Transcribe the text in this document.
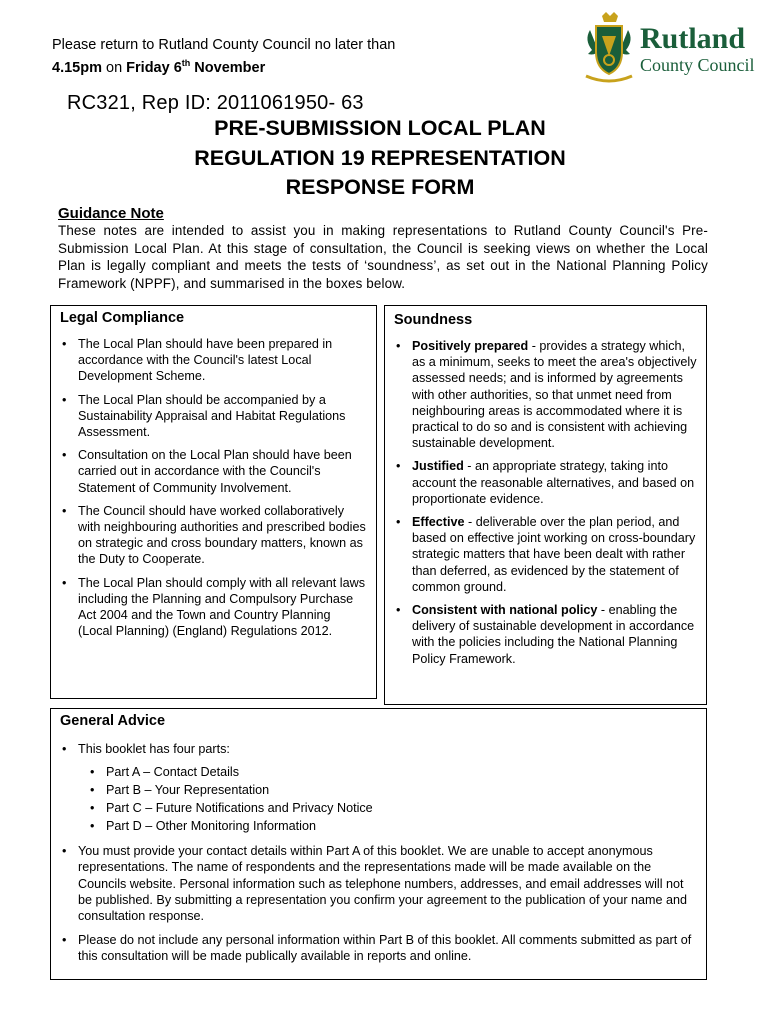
Please return to Rutland County Council no later than 4.15pm on Friday 6th November
Rutland
County Council
RC321, Rep ID: 2011061950- 63
PRE-SUBMISSION LOCAL PLAN
REGULATION 19 REPRESENTATION
RESPONSE FORM
Guidance Note
These notes are intended to assist you in making representations to Rutland County Council's Pre-Submission Local Plan. At this stage of consultation, the Council is seeking views on whether the Local Plan is legally compliant and meets the tests of ‘soundness’, as set out in the National Planning Policy Framework (NPPF), and summarised in the boxes below.
Legal Compliance
• The Local Plan should have been prepared in accordance with the Council's latest Local Development Scheme.
• The Local Plan should be accompanied by a Sustainability Appraisal and Habitat Regulations Assessment.
• Consultation on the Local Plan should have been carried out in accordance with the Council's Statement of Community Involvement.
• The Council should have worked collaboratively with neighbouring authorities and prescribed bodies on strategic and cross boundary matters, known as the Duty to Cooperate.
• The Local Plan should comply with all relevant laws including the Planning and Compulsory Purchase Act 2004 and the Town and Country Planning (Local Planning) (England) Regulations 2012.
Soundness
• Positively prepared - provides a strategy which, as a minimum, seeks to meet the area's objectively assessed needs; and is informed by agreements with other authorities, so that unmet need from neighbouring areas is accommodated where it is practical to do so and is consistent with achieving sustainable development.
• Justified - an appropriate strategy, taking into account the reasonable alternatives, and based on proportionate evidence.
• Effective - deliverable over the plan period, and based on effective joint working on cross-boundary strategic matters that have been dealt with rather than deferred, as evidenced by the statement of common ground.
• Consistent with national policy - enabling the delivery of sustainable development in accordance with the policies including the National Planning Policy Framework.
General Advice
• This booklet has four parts:
• Part A – Contact Details
• Part B – Your Representation
• Part C – Future Notifications and Privacy Notice
• Part D – Other Monitoring Information
• You must provide your contact details within Part A of this booklet. We are unable to accept anonymous representations. The name of respondents and the representations made will be made available on the Councils website. Personal information such as telephone numbers, addresses, and email addresses will not be published. By submitting a representation you confirm your agreement to the publication of your name and consultation response.
• Please do not include any personal information within Part B of this booklet. All comments submitted as part of this consultation will be made publically available in reports and online.
